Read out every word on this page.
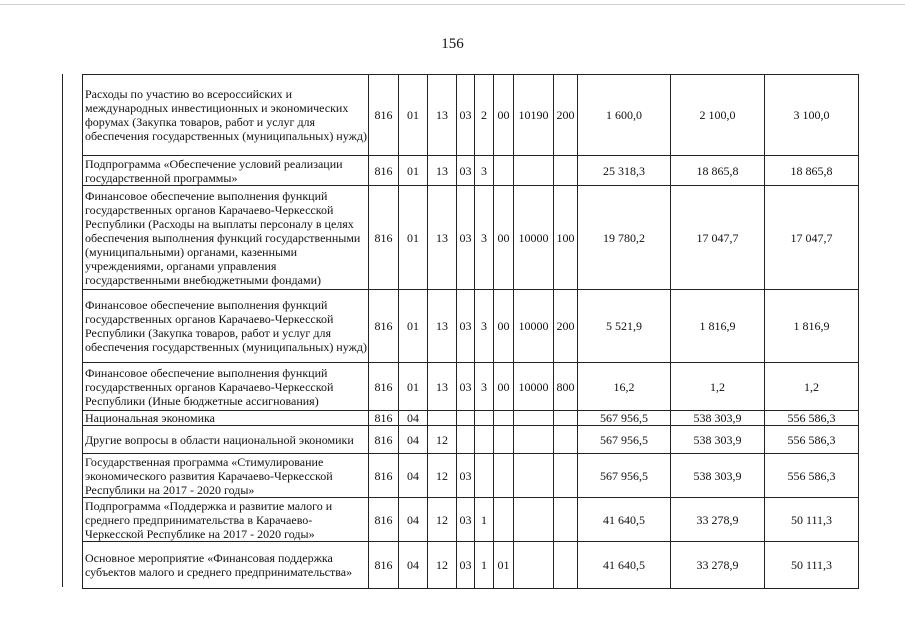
156
Расходы по участию во всероссийских и международных инвестиционных и экономических форумах (Закупка товаров, работ и услуг для обеспечения государственных (муниципальных) нужд)	816	01	13	03	2	00	10190	200	1 600,0	2 100,0	3 100,0
Подпрограмма «Обеспечение условий реализации государственной программы»	816	01	13	03	3				25 318,3	18 865,8	18 865,8
Финансовое обеспечение выполнения функций государственных органов Карачаево-Черкесской Республики (Расходы на выплаты персоналу в целях обеспечения выполнения функций государственными (муниципальными) органами, казенными учреждениями, органами управления государственными внебюджетными фондами)	816	01	13	03	3	00	10000	100	19 780,2	17 047,7	17 047,7
Финансовое обеспечение выполнения функций государственных органов Карачаево-Черкесской Республики (Закупка товаров, работ и услуг для обеспечения государственных (муниципальных) нужд)	816	01	13	03	3	00	10000	200	5 521,9	1 816,9	1 816,9
Финансовое обеспечение выполнения функций государственных органов Карачаево-Черкесской Республики (Иные бюджетные ассигнования)	816	01	13	03	3	00	10000	800	16,2	1,2	1,2
Национальная экономика	816	04							567 956,5	538 303,9	556 586,3
Другие вопросы в области национальной экономики	816	04	12						567 956,5	538 303,9	556 586,3
Государственная программа «Стимулирование экономического развития Карачаево-Черкесской Республики на 2017 - 2020 годы»	816	04	12	03					567 956,5	538 303,9	556 586,3
Подпрограмма «Поддержка и развитие малого и среднего предпринимательства в Карачаево-Черкесской Республике на 2017 - 2020 годы»	816	04	12	03	1				41 640,5	33 278,9	50 111,3
Основное мероприятие «Финансовая поддержка субъектов малого и среднего предпринимательства»	816	04	12	03	1	01			41 640,5	33 278,9	50 111,3
